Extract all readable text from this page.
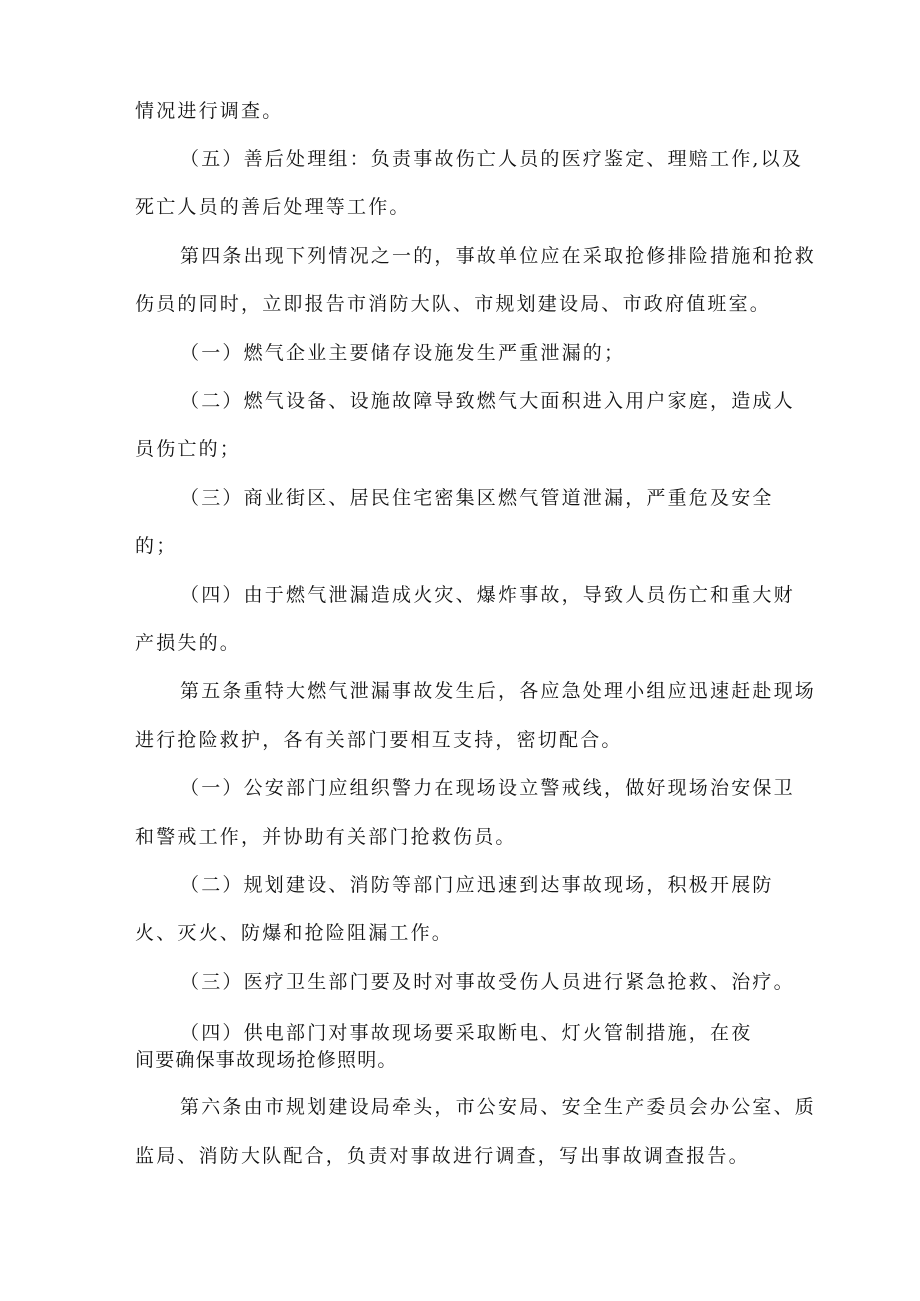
情况进行调查。
（五）善后处理组：负责事故伤亡人员的医疗鉴定、理赔工作,以及
死亡人员的善后处理等工作。
第四条出现下列情况之一的，事故单位应在采取抢修排险措施和抢救
伤员的同时，立即报告市消防大队、市规划建设局、市政府值班室。
（一）燃气企业主要储存设施发生严重泄漏的；
（二）燃气设备、设施故障导致燃气大面积进入用户家庭，造成人
员伤亡的；
（三）商业街区、居民住宅密集区燃气管道泄漏，严重危及安全
的；
（四）由于燃气泄漏造成火灾、爆炸事故，导致人员伤亡和重大财
产损失的。
第五条重特大燃气泄漏事故发生后，各应急处理小组应迅速赶赴现场
进行抢险救护，各有关部门要相互支持，密切配合。
（一）公安部门应组织警力在现场设立警戒线，做好现场治安保卫
和警戒工作，并协助有关部门抢救伤员。
（二）规划建设、消防等部门应迅速到达事故现场，积极开展防
火、灭火、防爆和抢险阻漏工作。
（三）医疗卫生部门要及时对事故受伤人员进行紧急抢救、治疗。
（四）供电部门对事故现场要采取断电、灯火管制措施，在夜
间要确保事故现场抢修照明。
第六条由市规划建设局牵头，市公安局、安全生产委员会办公室、质
监局、消防大队配合，负责对事故进行调查，写出事故调查报告。
